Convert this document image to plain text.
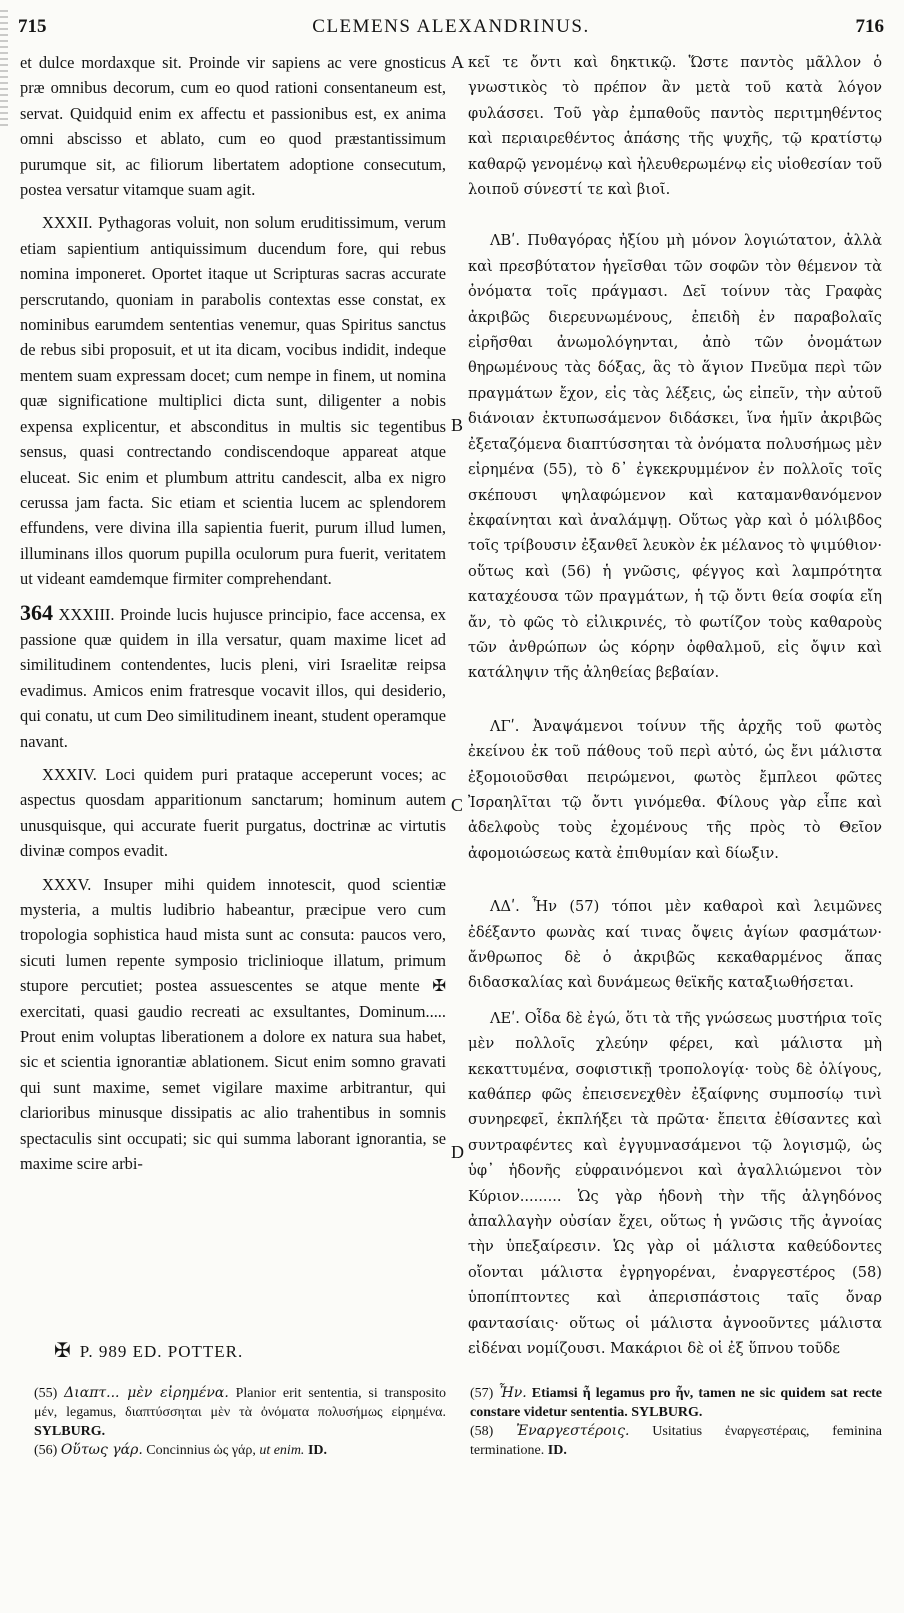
715	CLEMENS ALEXANDRINUS.	716

et dulce mordaxque sit. Proinde vir sapiens ac vere gnosticus præ omnibus decorum, cum eo quod rationi consentaneum est, servat. Quidquid enim ex affectu et passionibus est, ex anima omni abscisso et ablato, cum eo quod præstantissimum purumque sit, ac filiorum libertatem adoptione consecutum, postea versatur vitamque suam agit.

XXXII. Pythagoras voluit, non solum eruditissimum, verum etiam sapientium antiquissimum ducendum fore, qui rebus nomina imponeret. Oportet itaque ut Scripturas sacras accurate perscrutando, quoniam in parabolis contextas esse constat, ex nominibus earumdem sententias venemur, quas Spiritus sanctus de rebus sibi proposuit, et ut ita dicam, vocibus indidit, indeque mentem suam expressam docet; cum nempe in finem, ut nomina quæ significatione multiplici dicta sunt, diligenter a nobis expensa explicentur, et absconditus in multis sic tegentibus sensus, quasi contrectando condiscendoque appareat atque eluceat. Sic enim et plumbum attritu candescit, alba ex nigro cerussa jam facta. Sic etiam et scientia lucem ac splendorem effundens, vere divina illa sapientia fuerit, purum illud lumen, illuminans illos quorum pupilla oculorum pura fuerit, veritatem ut videant eamdemque firmiter comprehendant.

364 XXXIII. Proinde lucis hujusce principio, face accensa, ex passione quæ quidem in illa versatur, quam maxime licet ad similitudinem contendentes, lucis pleni, viri Israelitæ reipsa evadimus. Amicos enim fratresque vocavit illos, qui desiderio, qui conatu, ut cum Deo similitudinem ineant, student operamque navant.

XXXIV. Loci quidem puri prataque acceperunt voces; ac aspectus quosdam apparitionum sanctarum; hominum autem unusquisque, qui accurate fuerit purgatus, doctrinæ ac virtutis divinæ compos evadit.

XXXV. Insuper mihi quidem innotescit, quod scientiæ mysteria, a multis ludibrio habeantur, præcipue vero cum tropologia sophistica haud mista sunt ac consuta: paucos vero, sicuti lumen repente symposio tricliniοque illatum, primum stupore percutiet; postea assuescentes se atque mente ✠ exercitati, quasi gaudio recreati ac exsultantes, Dominum..... Prout enim voluptas liberationem a dolore ex natura sua habet, sic et scientia ignorantiæ ablationem. Sicut enim somno gravati qui sunt maxime, semet vigilare maxime arbitrantur, qui clarioribus minusque dissipatis ac alio trahentibus in somnis spectaculis sint occupati; sic qui summa laborant ignorantia, se maxime scire arbi-

A
B
C
D

κεῖ τε ὄντι καὶ δηκτικῷ. Ὥστε παντὸς μᾶλλον ὁ γνωστικὸς τὸ πρέπον ἂν μετὰ τοῦ κατὰ λόγον φυλάσσει. Τοῦ γὰρ ἐμπαθοῦς παντὸς περιτμηθέντος καὶ περιαιρεθέντος ἁπάσης τῆς ψυχῆς, τῷ κρατίστῳ καθαρῷ γενομένῳ καὶ ἠλευθερωμένῳ εἰς υἱοθεσίαν τοῦ λοιποῦ σύνεστί τε καὶ βιοῖ.

ΛΒʹ. Πυθαγόρας ἠξίου μὴ μόνον λογιώτατον, ἀλλὰ καὶ πρεσβύτατον ἡγεῖσθαι τῶν σοφῶν τὸν θέμενον τὰ ὀνόματα τοῖς πράγμασι. Δεῖ τοίνυν τὰς Γραφὰς ἀκριβῶς διερευνωμένους, ἐπειδὴ ἐν παραβολαῖς εἰρῆσθαι ἀνωμολόγηνται, ἀπὸ τῶν ὀνομάτων θηρωμένους τὰς δόξας, ἃς τὸ ἅγιον Πνεῦμα περὶ τῶν πραγμάτων ἔχον, εἰς τὰς λέξεις, ὡς εἰπεῖν, τὴν αὐτοῦ διάνοιαν ἐκτυπωσάμενον διδάσκει, ἵνα ἡμῖν ἀκριβῶς ἐξεταζόμενα διαπτύσσηται τὰ ὀνόματα πολυσήμως μὲν εἰρημένα (55), τὸ δ᾽ ἐγκεκρυμμένον ἐν πολλοῖς τοῖς σκέπουσι ψηλαφώμενον καὶ καταμανθανόμενον ἐκφαίνηται καὶ ἀναλάμψῃ. Οὕτως γὰρ καὶ ὁ μόλιβδος τοῖς τρίβουσιν ἐξανθεῖ λευκὸν ἐκ μέλανος τὸ ψιμύθιον· οὕτως καὶ (56) ἡ γνῶσις, φέγγος καὶ λαμπρότητα καταχέουσα τῶν πραγμάτων, ἡ τῷ ὄντι θεία σοφία εἴη ἄν, τὸ φῶς τὸ εἰλικρινές, τὸ φωτίζον τοὺς καθαροὺς τῶν ἀνθρώπων ὡς κόρην ὀφθαλμοῦ, εἰς ὄψιν καὶ κατάληψιν τῆς ἀληθείας βεβαίαν.

ΛΓʹ. Ἀναψάμενοι τοίνυν τῆς ἀρχῆς τοῦ φωτὸς ἐκείνου ἐκ τοῦ πάθους τοῦ περὶ αὐτό, ὡς ἔνι μάλιστα ἐξομοιοῦσθαι πειρώμενοι, φωτὸς ἔμπλεοι φῶτες Ἰσραηλῖται τῷ ὄντι γινόμεθα. Φίλους γὰρ εἶπε καὶ ἀδελφοὺς τοὺς ἐχομένους τῆς πρὸς τὸ Θεῖον ἀφομοιώσεως κατὰ ἐπιθυμίαν καὶ δίωξιν.

ΛΔʹ. Ἦν (57) τόποι μὲν καθαροὶ καὶ λειμῶνες ἐδέξαντο φωνὰς καί τινας ὄψεις ἁγίων φασμάτων· ἄνθρωπος δὲ ὁ ἀκριβῶς κεκαθαρμένος ἅπας διδασκαλίας καὶ δυνάμεως θεϊκῆς καταξιωθήσεται.

ΛΕʹ. Οἶδα δὲ ἐγώ, ὅτι τὰ τῆς γνώσεως μυστήρια τοῖς μὲν πολλοῖς χλεύην φέρει, καὶ μάλιστα μὴ κεκαττυμένα, σοφιστικῇ τροπολογίᾳ· τοὺς δὲ ὀλίγους, καθάπερ φῶς ἐπεισενεχθὲν ἐξαίφνης συμποσίῳ τινὶ συνηρεφεῖ, ἐκπλήξει τὰ πρῶτα· ἔπειτα ἐθίσαντες καὶ συντραφέντες καὶ ἐγγυμνασάμενοι τῷ λογισμῷ, ὡς ὑφ᾽ ἡδονῆς εὐφραινόμενοι καὶ ἀγαλλιώμενοι τὸν Κύριον......... Ὡς γὰρ ἡδονὴ τὴν τῆς ἀλγηδόνος ἀπαλλαγὴν οὐσίαν ἔχει, οὕτως ἡ γνῶσις τῆς ἀγνοίας τὴν ὑπεξαίρεσιν. Ὡς γὰρ οἱ μάλιστα καθεύδοντες οἴονται μάλιστα ἐγρηγορέναι, ἐναργεστέρος (58) ὑποπίπτοντες καὶ ἀπερισπάστοις ταῖς ὄναρ φαντασίαις· οὕτως οἱ μάλιστα ἀγνοοῦντες μάλιστα εἰδέναι νομίζουσι. Μακάριοι δὲ οἱ ἐξ ὕπνου τοῦδε

✠ P. 989 ED. POTTER.

(55) Διαπτ... μὲν εἰρημένα. Planior erit sententia, si transposito μέν, legamus, διαπτύσσηται μὲν τὰ ὀνόματα πολυσήμως εἰρημένα. SYLBURG.

(56) Οὕτως γάρ. Concinnius ὡς γάρ, ut enim. ID.

(57) Ἦν. Etiamsi ἦ legamus pro ἦν, tamen ne sic quidem sat recte constare videtur sententia. SYLBURG.

(58) Ἐναργεστέροις. Usitatius ἐναργεστέραις, feminina terminatione. ID.
